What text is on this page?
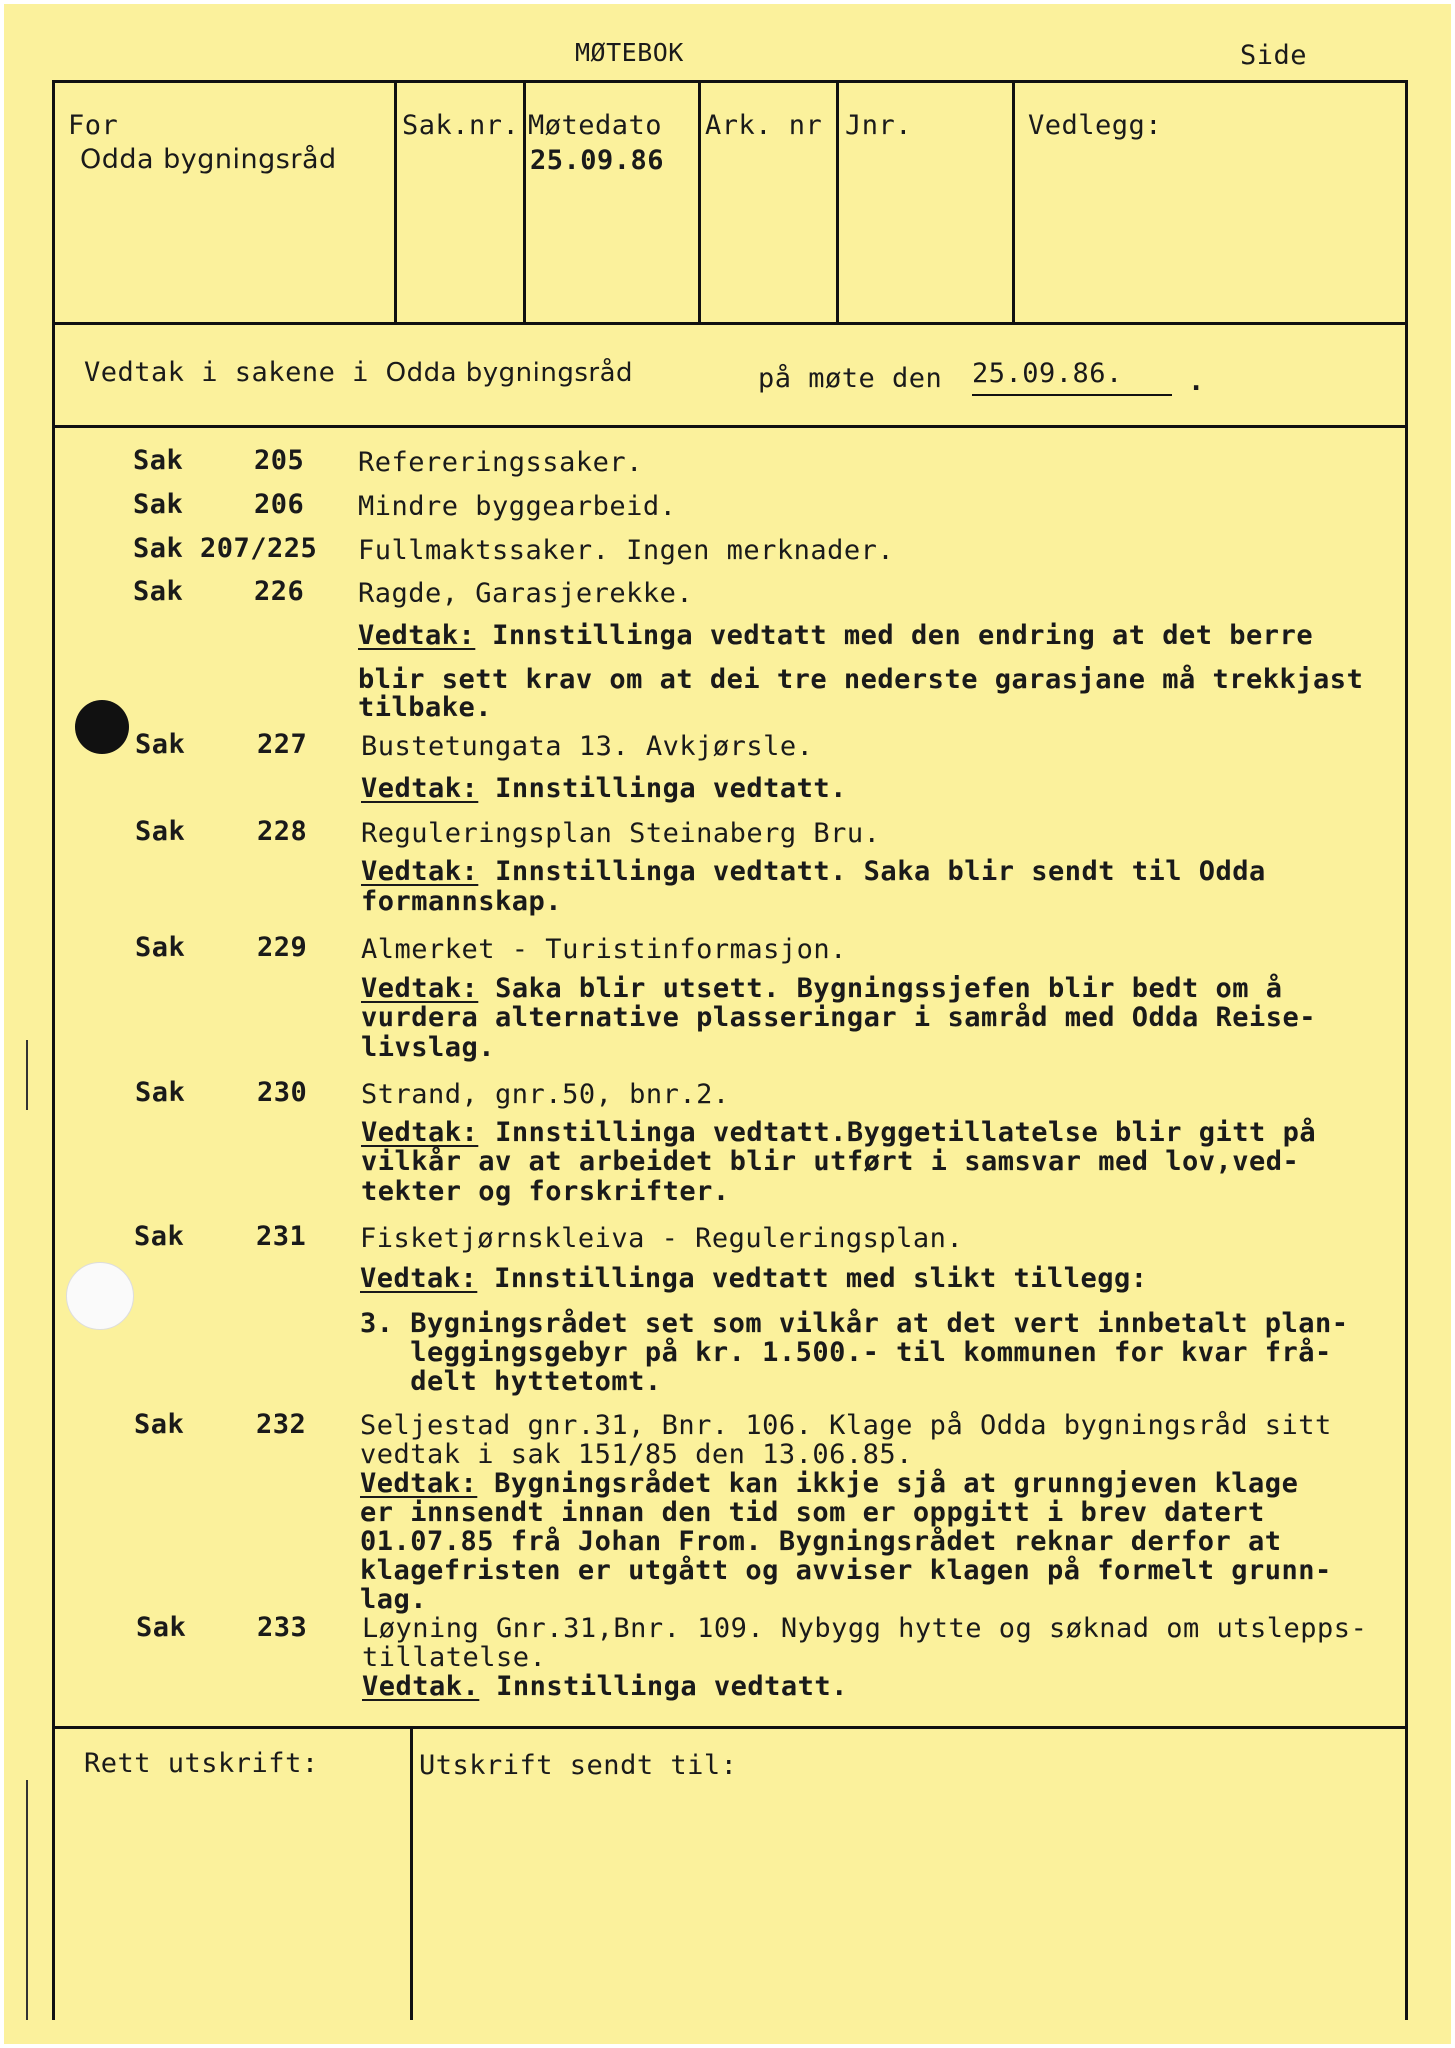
MØTEBOK	Side
For
Odda bygningsråd
Sak.nr. Møtedato
25.09.86
Ark. nr Jnr.	Vedlegg:
Vedtak i sakene i Odda bygningsråd	på møte den 25.09.86. .
Sak	205 Refereringssaker.
Sak	206 Mindre byggearbeid.
Sak 207/225 Fullmaktssaker. Ingen merknader.
Sak	226 Ragde, Garasjerekke.
Vedtak: Innstillinga vedtatt med den endring at det berre
blir sett krav om at dei tre nederste garasjane må trekkjast
tilbake.
Sak	227 Bustetungata 13. Avkjørsle.
Vedtak: Innstillinga vedtatt.
Sak	228 Reguleringsplan Steinaberg Bru.
Vedtak: Innstillinga vedtatt. Saka blir sendt til Odda
formannskap.
Sak	229 Almerket - Turistinformasjon.
Vedtak: Saka blir utsett. Bygningssjefen blir bedt om å
vurdera alternative plasseringar i samråd med Odda Reise-
livslag.
Sak	230 Strand, gnr.50, bnr.2.
Vedtak: Innstillinga vedtatt.Byggetillatelse blir gitt på
vilkår av at arbeidet blir utført i samsvar med lov,ved-
tekter og forskrifter.
Sak	231 Fisketjørnskleiva - Reguleringsplan.
Vedtak: Innstillinga vedtatt med slikt tillegg:
3. Bygningsrådet set som vilkår at det vert innbetalt plan-
leggingsgebyr på kr. 1.500.- til kommunen for kvar frå-
delt hyttetomt.
Sak	232 Seljestad gnr.31, Bnr. 106. Klage på Odda bygningsråd sitt
vedtak i sak 151/85 den 13.06.85.
Vedtak: Bygningsrådet kan ikkje sjå at grunngjeven klage
er innsendt innan den tid som er oppgitt i brev datert
01.07.85 frå Johan From. Bygningsrådet reknar derfor at
klagefristen er utgått og avviser klagen på formelt grunn-
lag.
Sak	233 Løyning Gnr.31,Bnr. 109. Nybygg hytte og søknad om utslepps-
tillatelse.
Vedtak. Innstillinga vedtatt.
Rett utskrift:	Utskrift sendt til:
